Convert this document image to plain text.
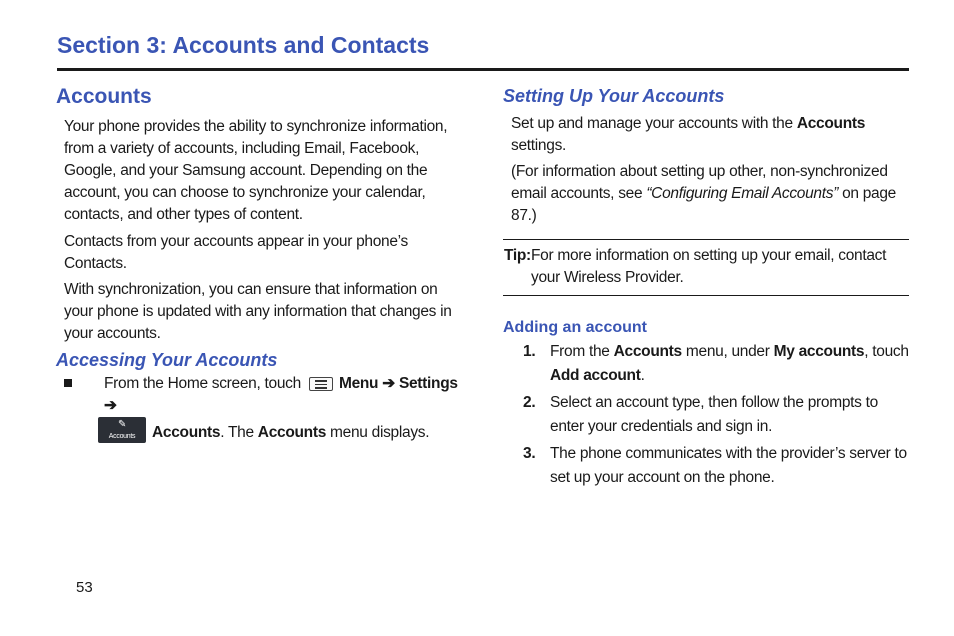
Section 3: Accounts and Contacts
Accounts

Your phone provides the ability to synchronize information, from a variety of accounts, including Email, Facebook, Google, and your Samsung account. Depending on the account, you can choose to synchronize your calendar, contacts, and other types of content.

Contacts from your accounts appear in your phone’s Contacts.

With synchronization, you can ensure that information on your phone is updated with any information that changes in your accounts.

Accessing Your Accounts
From the Home screen, touch Menu ➔ Settings ➔

✎
Accounts	Accounts. The Accounts menu displays.
Setting Up Your Accounts

Set up and manage your accounts with the Accounts settings.

(For information about setting up other, non-synchronized email accounts, see “Configuring Email Accounts” on page 87.)

Tip: For more information on setting up your email, contact your Wireless Provider.
Adding an account
1. From the Accounts menu, under My accounts, touch Add account.
2. Select an account type, then follow the prompts to enter your credentials and sign in.
3. The phone communicates with the provider’s server to set up your account on the phone.
53
